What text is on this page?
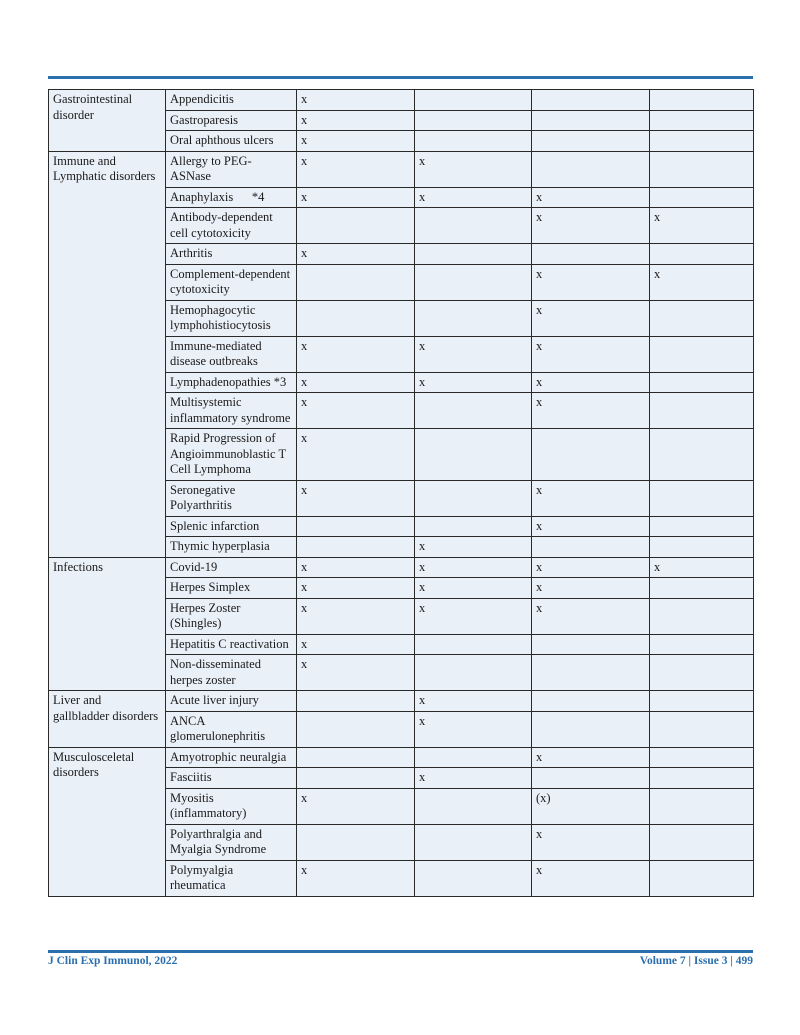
Gastrointestinal disorder	Appendicitis	x			
	Gastroparesis	x			
	Oral aphthous ulcers	x			
Immune and Lymphatic disorders	Allergy to PEG-ASNase	x	x		
	Anaphylaxis      *4	x	x	x	
	Antibody-dependent cell cytotoxicity			x	x
	Arthritis	x			
	Complement-dependent cytotoxicity			x	x
	Hemophagocytic lymphohistiocytosis			x	
	Immune-mediated disease outbreaks	x	x	x	
	Lymphadenopathies *3	x	x	x	
	Multisystemic inflammatory syndrome	x		x	
	Rapid Progression of Angioimmunoblastic T Cell Lymphoma	x			
	Seronegative Polyarthritis	x		x	
	Splenic infarction			x	
	Thymic hyperplasia		x		
Infections	Covid-19	x	x	x	x
	Herpes Simplex	x	x	x	
	Herpes Zoster (Shingles)	x	x	x	
	Hepatitis C reactivation	x			
	Non-disseminated herpes zoster	x			
Liver and gallbladder disorders	Acute liver injury		x		
	ANCA glomerulonephritis		x		
Musculosceletal disorders	Amyotrophic neuralgia			x	
	Fasciitis		x		
	Myositis (inflammatory)	x		(x)	
	Polyarthralgia and Myalgia Syndrome			x	
	Polymyalgia rheumatica	x		x	
J Clin Exp Immunol, 2022	Volume 7 | Issue 3 | 499
